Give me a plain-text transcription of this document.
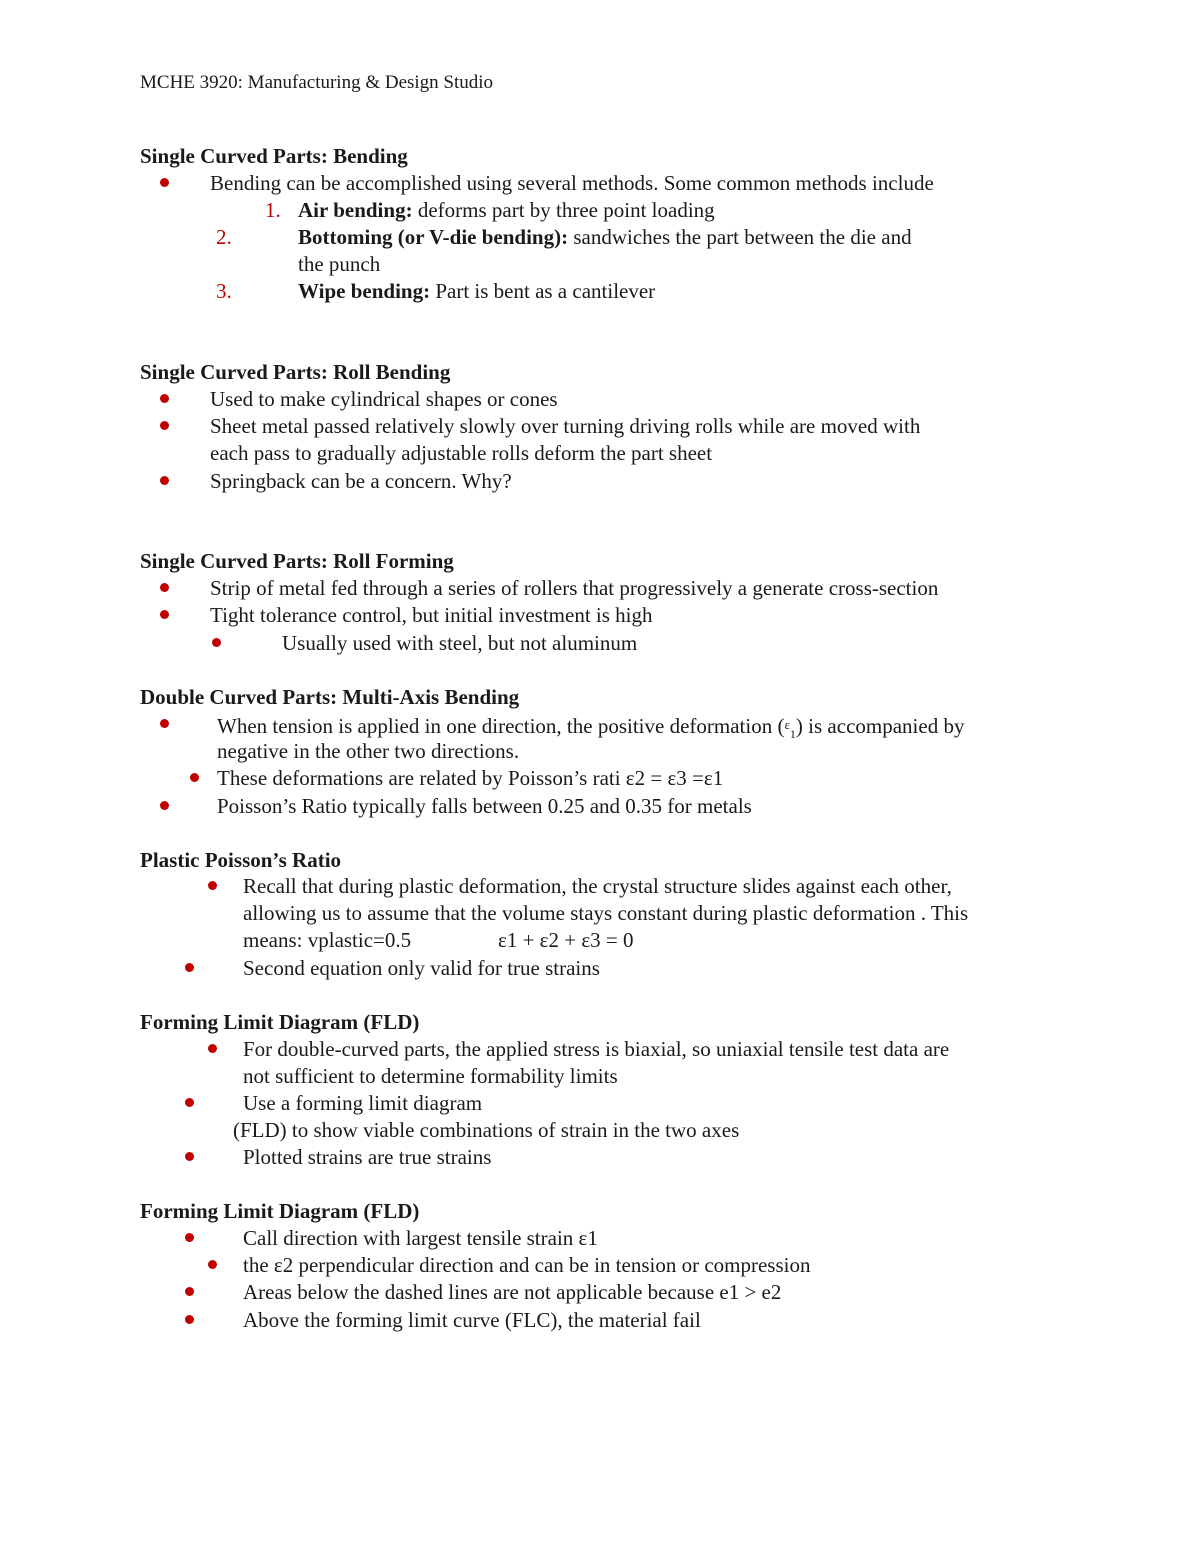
MCHE 3920: Manufacturing & Design Studio
Single Curved Parts: Bending
Bending can be accomplished using several methods. Some common methods include
1. Air bending: deforms part by three point loading
2.	Bottoming (or V-die bending): sandwiches the part between the die and
the punch
3.	Wipe bending: Part is bent as a cantilever
Single Curved Parts: Roll Bending
Used to make cylindrical shapes or cones
Sheet metal passed relatively slowly over turning driving rolls while are moved with
each pass to gradually adjustable rolls deform the part sheet
Springback can be a concern. Why?
Single Curved Parts: Roll Forming
Strip of metal fed through a series of rollers that progressively a generate cross-section
Tight tolerance control, but initial investment is high
Usually used with steel, but not aluminum
Double Curved Parts: Multi-Axis Bending
When tension is applied in one direction, the positive deformation $(\varepsilon_1)$ is accompanied by
negative in the other two directions.
These deformations are related by Poisson’s rati ε2 = ε3 =ε1
Poisson’s Ratio typically falls between 0.25 and 0.35 for metals
Plastic Poisson’s Ratio
Recall that during plastic deformation, the crystal structure slides against each other,
allowing us to assume that the volume stays constant during plastic deformation . This
means: vplastic=0.5	ε1 + ε2 + ε3 = 0
Second equation only valid for true strains
Forming Limit Diagram (FLD)
For double-curved parts, the applied stress is biaxial, so uniaxial tensile test data are
not sufficient to determine formability limits
Use a forming limit diagram
(FLD) to show viable combinations of strain in the two axes
Plotted strains are true strains
Forming Limit Diagram (FLD)
Call direction with largest tensile strain ε1
the ε2 perpendicular direction and can be in tension or compression
Areas below the dashed lines are not applicable because e1 > e2
Above the forming limit curve (FLC), the material fail
